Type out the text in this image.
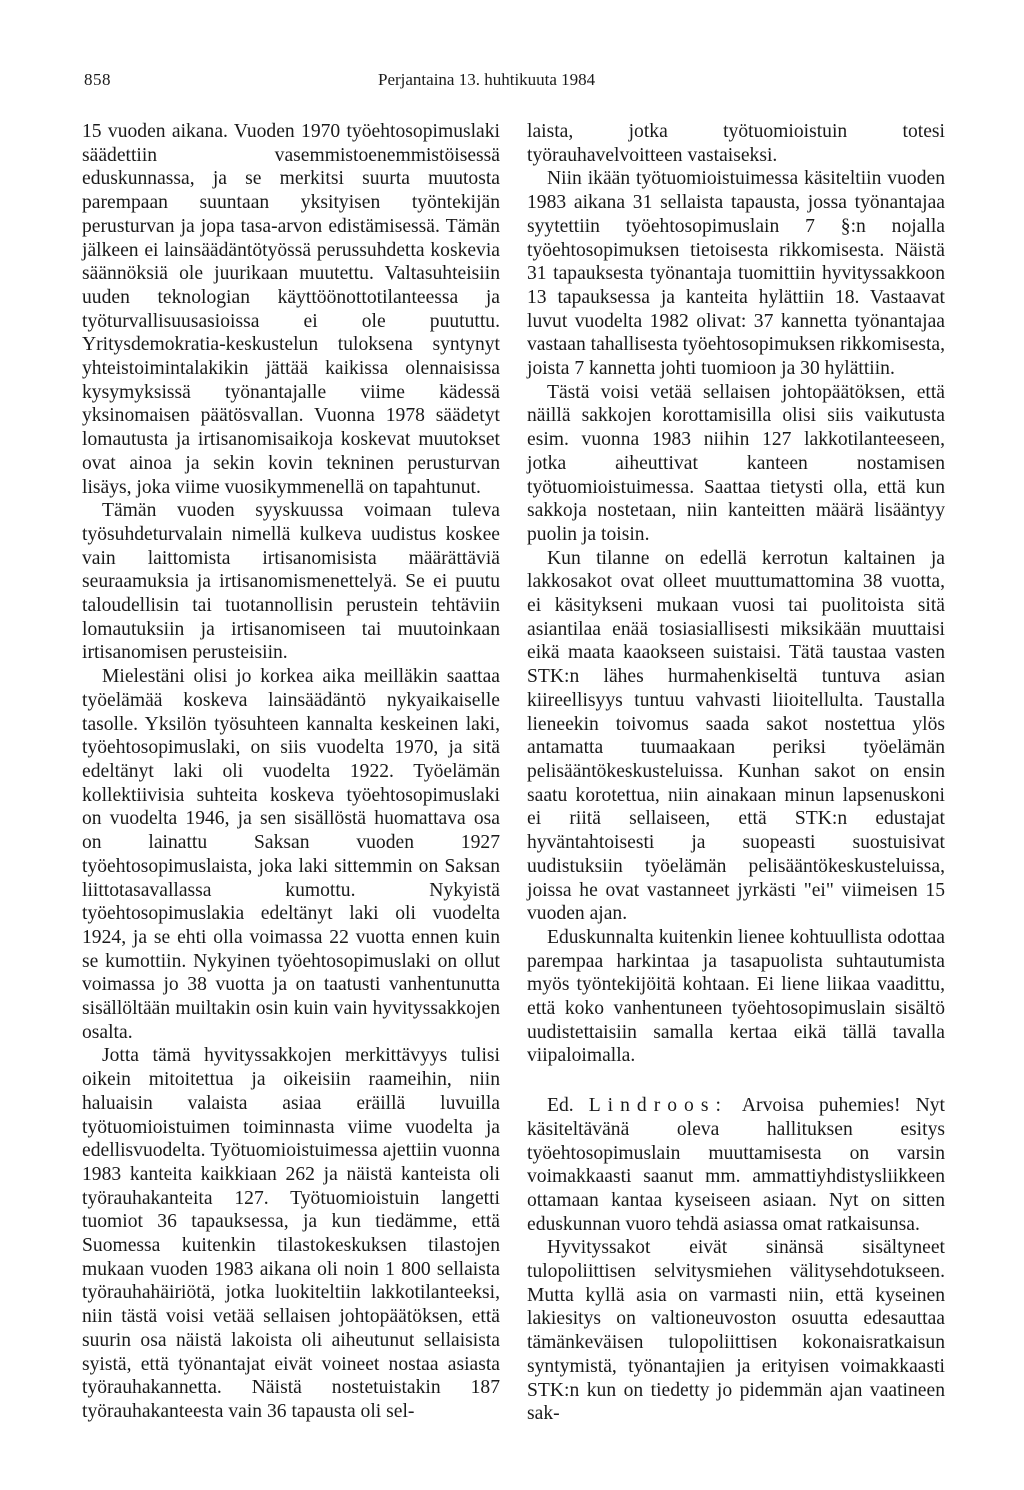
858	Perjantaina 13. huhtikuuta 1984

15 vuoden aikana. Vuoden 1970 työehtosopimuslaki säädettiin vasemmistoenemmistöisessä eduskunnassa, ja se merkitsi suurta muutosta parempaan suuntaan yksityisen työntekijän perusturvan ja jopa tasa-arvon edistämisessä. Tämän jälkeen ei lainsäädäntötyössä perussuhdetta koskevia säännöksiä ole juurikaan muutettu. Valtasuhteisiin uuden teknologian käyttöönottotilanteessa ja työturvallisuusasioissa ei ole puututtu. Yritysdemokratia-keskustelun tuloksena syntynyt yhteistoimintalakikin jättää kaikissa olennaisissa kysymyksissä työnantajalle viime kädessä yksinomaisen päätösvallan. Vuonna 1978 säädetyt lomautusta ja irtisanomisaikoja koskevat muutokset ovat ainoa ja sekin kovin tekninen perusturvan lisäys, joka viime vuosikymmenellä on tapahtunut.

Tämän vuoden syyskuussa voimaan tuleva työsuhdeturvalain nimellä kulkeva uudistus koskee vain laittomista irtisanomisista määrättäviä seuraamuksia ja irtisanomismenettelyä. Se ei puutu taloudellisin tai tuotannollisin perustein tehtäviin lomautuksiin ja irtisanomiseen tai muutoinkaan irtisanomisen perusteisiin.

Mielestäni olisi jo korkea aika meilläkin saattaa työelämää koskeva lainsäädäntö nykyaikaiselle tasolle. Yksilön työsuhteen kannalta keskeinen laki, työehtosopimuslaki, on siis vuodelta 1970, ja sitä edeltänyt laki oli vuodelta 1922. Työelämän kollektiivisia suhteita koskeva työehtosopimuslaki on vuodelta 1946, ja sen sisällöstä huomattava osa on lainattu Saksan vuoden 1927 työehtosopimuslaista, joka laki sittemmin on Saksan liittotasavallassa kumottu. Nykyistä työehtosopimuslakia edeltänyt laki oli vuodelta 1924, ja se ehti olla voimassa 22 vuotta ennen kuin se kumottiin. Nykyinen työehtosopimuslaki on ollut voimassa jo 38 vuotta ja on taatusti vanhentunutta sisällöltään muiltakin osin kuin vain hyvityssakkojen osalta.

Jotta tämä hyvityssakkojen merkittävyys tulisi oikein mitoitettua ja oikeisiin raameihin, niin haluaisin valaista asiaa eräillä luvuilla työtuomioistuimen toiminnasta viime vuodelta ja edellisvuodelta. Työtuomioistuimessa ajettiin vuonna 1983 kanteita kaikkiaan 262 ja näistä kanteista oli työrauhakanteita 127. Työtuomioistuin langetti tuomiot 36 tapauksessa, ja kun tiedämme, että Suomessa kuitenkin tilastokeskuksen tilastojen mukaan vuoden 1983 aikana oli noin 1 800 sellaista työrauhahäiriötä, jotka luokiteltiin lakkotilanteeksi, niin tästä voisi vetää sellaisen johtopäätöksen, että suurin osa näistä lakoista oli aiheutunut sellaisista syistä, että työnantajat eivät voineet nostaa asiasta työrauhakannetta. Näistä nostetuistakin 187 työrauhakanteesta vain 36 tapausta oli sel-

laista, jotka työtuomioistuin totesi työrauhavelvoitteen vastaiseksi.

Niin ikään työtuomioistuimessa käsiteltiin vuoden 1983 aikana 31 sellaista tapausta, jossa työnantajaa syytettiin työehtosopimuslain 7 §:n nojalla työehtosopimuksen tietoisesta rikkomisesta. Näistä 31 tapauksesta työnantaja tuomittiin hyvityssakkoon 13 tapauksessa ja kanteita hylättiin 18. Vastaavat luvut vuodelta 1982 olivat: 37 kannetta työnantajaa vastaan tahallisesta työehtosopimuksen rikkomisesta, joista 7 kannetta johti tuomioon ja 30 hylättiin.

Tästä voisi vetää sellaisen johtopäätöksen, että näillä sakkojen korottamisilla olisi siis vaikutusta esim. vuonna 1983 niihin 127 lakkotilanteeseen, jotka aiheuttivat kanteen nostamisen työtuomioistuimessa. Saattaa tietysti olla, että kun sakkoja nostetaan, niin kanteitten määrä lisääntyy puolin ja toisin.

Kun tilanne on edellä kerrotun kaltainen ja lakkosakot ovat olleet muuttumattomina 38 vuotta, ei käsitykseni mukaan vuosi tai puolitoista sitä asiantilaa enää tosiasiallisesti miksikään muuttaisi eikä maata kaaokseen suistaisi. Tätä taustaa vasten STK:n lähes hurmahenkiseltä tuntuva asian kiireellisyys tuntuu vahvasti liioitellulta. Taustalla lieneekin toivomus saada sakot nostettua ylös antamatta tuumaakaan periksi työelämän pelisääntökeskusteluissa. Kunhan sakot on ensin saatu korotettua, niin ainakaan minun lapsenuskoni ei riitä sellaiseen, että STK:n edustajat hyväntahtoisesti ja suopeasti suostuisivat uudistuksiin työelämän pelisääntökeskusteluissa, joissa he ovat vastanneet jyrkästi "ei" viimeisen 15 vuoden ajan.

Eduskunnalta kuitenkin lienee kohtuullista odottaa parempaa harkintaa ja tasapuolista suhtautumista myös työntekijöitä kohtaan. Ei liene liikaa vaadittu, että koko vanhentuneen työehtosopimuslain sisältö uudistettaisiin samalla kertaa eikä tällä tavalla viipaloimalla.

Ed. Lindroos: Arvoisa puhemies! Nyt käsiteltävänä oleva hallituksen esitys työehtosopimuslain muuttamisesta on varsin voimakkaasti saanut mm. ammattiyhdistysliikkeen ottamaan kantaa kyseiseen asiaan. Nyt on sitten eduskunnan vuoro tehdä asiassa omat ratkaisunsa.

Hyvityssakot eivät sinänsä sisältyneet tulopoliittisen selvitysmiehen välitysehdotukseen. Mutta kyllä asia on varmasti niin, että kyseinen lakiesitys on valtioneuvoston osuutta edesauttaa tämänkeväisen tulopoliittisen kokonaisratkaisun syntymistä, työnantajien ja erityisen voimakkaasti STK:n kun on tiedetty jo pidemmän ajan vaatineen sak-
